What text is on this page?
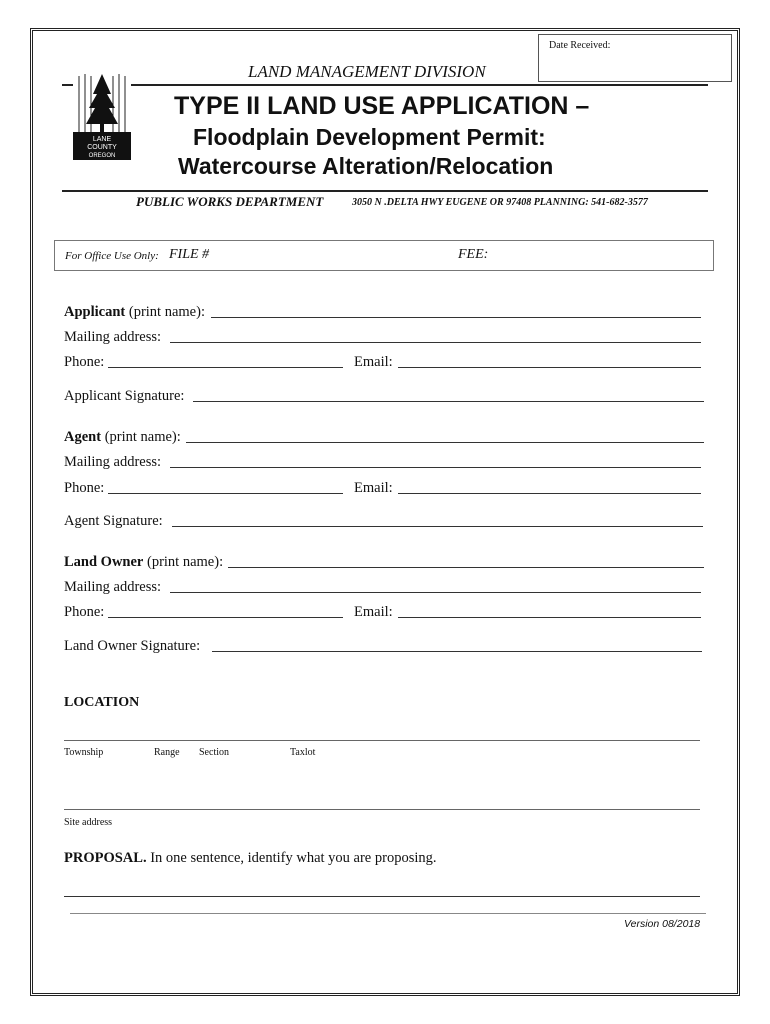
Date Received:
LAND MANAGEMENT DIVISION
LANE
COUNTY
OREGON
TYPE II LAND USE APPLICATION –
Floodplain Development Permit:
Watercourse Alteration/Relocation
PUBLIC WORKS DEPARTMENT	3050 N .DELTA HWY EUGENE OR 97408 PLANNING: 541-682-3577
For Office Use Only: FILE #	FEE:
Applicant (print name):
Mailing address:
Phone:	Email:
Applicant Signature:
Agent (print name):
Mailing address:
Phone:	Email:
Agent Signature:
Land Owner (print name):
Mailing address:
Phone:	Email:
Land Owner Signature:
LOCATION
Township	Range Section	Taxlot
Site address
PROPOSAL. In one sentence, identify what you are proposing.
Version 08/2018
